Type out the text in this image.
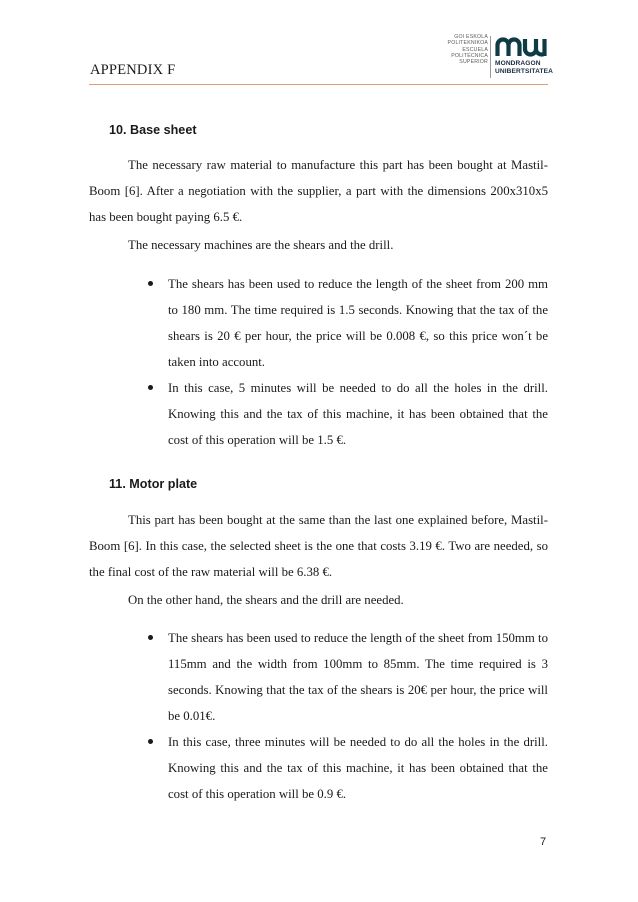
APPENDIX F
GOI ESKOLA
POLITEKNIKOA
ESCUELA
POLITÉCNICA
SUPERIOR MONDRAGON
UNIBERTSITATEA
10. Base sheet

The necessary raw material to manufacture this part has been bought at Mastil-Boom [6]. After a negotiation with the supplier, a part with the dimensions 200x310x5 has been bought paying 6.5 €.

The necessary machines are the shears and the drill.

The shears has been used to reduce the length of the sheet from 200 mm to 180 mm. The time required is 1.5 seconds. Knowing that the tax of the shears is 20 € per hour, the price will be 0.008 €, so this price won´t be taken into account.
In this case, 5 minutes will be needed to do all the holes in the drill. Knowing this and the tax of this machine, it has been obtained that the cost of this operation will be 1.5 €.
11. Motor plate

This part has been bought at the same than the last one explained before, Mastil-Boom [6]. In this case, the selected sheet is the one that costs 3.19 €. Two are needed, so the final cost of the raw material will be 6.38 €.

On the other hand, the shears and the drill are needed.

The shears has been used to reduce the length of the sheet from 150mm to 115mm and the width from 100mm to 85mm. The time required is 3 seconds. Knowing that the tax of the shears is 20€ per hour, the price will be 0.01€.
In this case, three minutes will be needed to do all the holes in the drill. Knowing this and the tax of this machine, it has been obtained that the cost of this operation will be 0.9 €.
7
